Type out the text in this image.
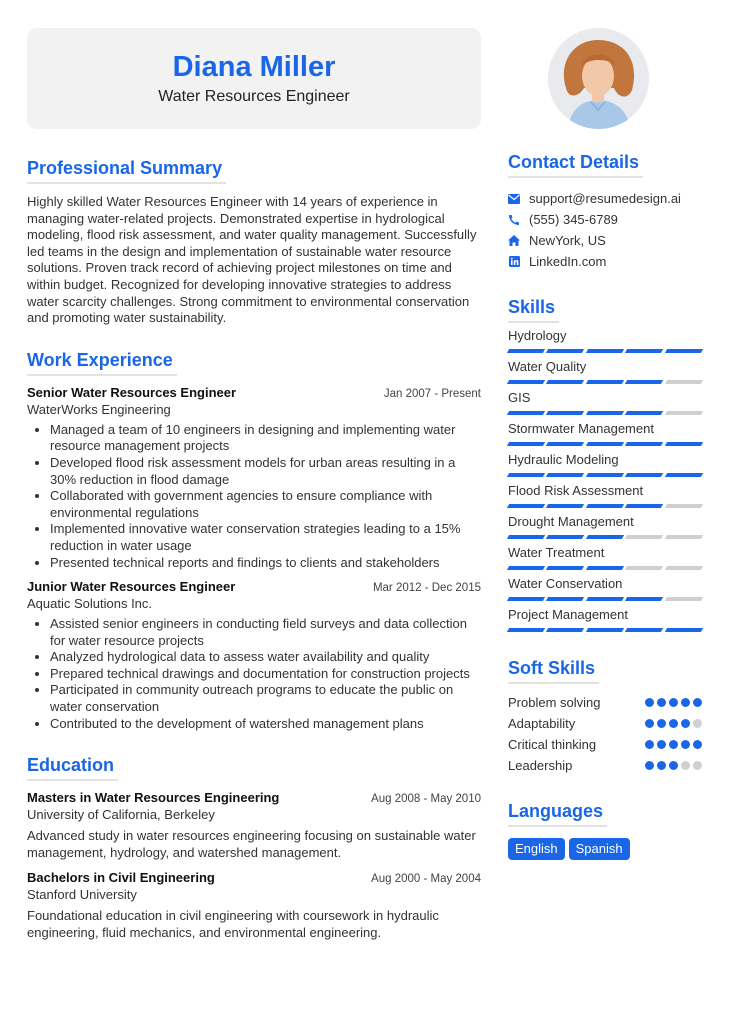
Diana Miller
Water Resources Engineer
Professional Summary

Highly skilled Water Resources Engineer with 14 years of experience in managing water-related projects. Demonstrated expertise in hydrological modeling, flood risk assessment, and water quality management. Successfully led teams in the design and implementation of sustainable water resource solutions. Proven track record of achieving project milestones on time and within budget. Recognized for developing innovative strategies to address water scarcity challenges. Strong commitment to environmental conservation and promoting water sustainability.

Work Experience
Senior Water Resources Engineer	Jan 2007 - Present
WaterWorks Engineering
• Managed a team of 10 engineers in designing and implementing water resource management projects
• Developed flood risk assessment models for urban areas resulting in a 30% reduction in flood damage
• Collaborated with government agencies to ensure compliance with environmental regulations
• Implemented innovative water conservation strategies leading to a 15% reduction in water usage
• Presented technical reports and findings to clients and stakeholders
Junior Water Resources Engineer	Mar 2012 - Dec 2015
Aquatic Solutions Inc.
• Assisted senior engineers in conducting field surveys and data collection for water resource projects
• Analyzed hydrological data to assess water availability and quality
• Prepared technical drawings and documentation for construction projects
• Participated in community outreach programs to educate the public on water conservation
• Contributed to the development of watershed management plans
Education
Masters in Water Resources Engineering	Aug 2008 - May 2010
University of California, Berkeley

Advanced study in water resources engineering focusing on sustainable water management, hydrology, and watershed management.

Bachelors in Civil Engineering	Aug 2000 - May 2004
Stanford University

Foundational education in civil engineering with coursework in hydraulic engineering, fluid mechanics, and environmental engineering.

Contact Details
support@resumedesign.ai
(555) 345-6789
NewYork, US
LinkedIn.com
Skills
Hydrology
Water Quality
GIS
Stormwater Management
Hydraulic Modeling
Flood Risk Assessment
Drought Management
Water Treatment
Water Conservation
Project Management
Soft Skills
Problem solving
Adaptability
Critical thinking
Leadership
Languages
English	Spanish
